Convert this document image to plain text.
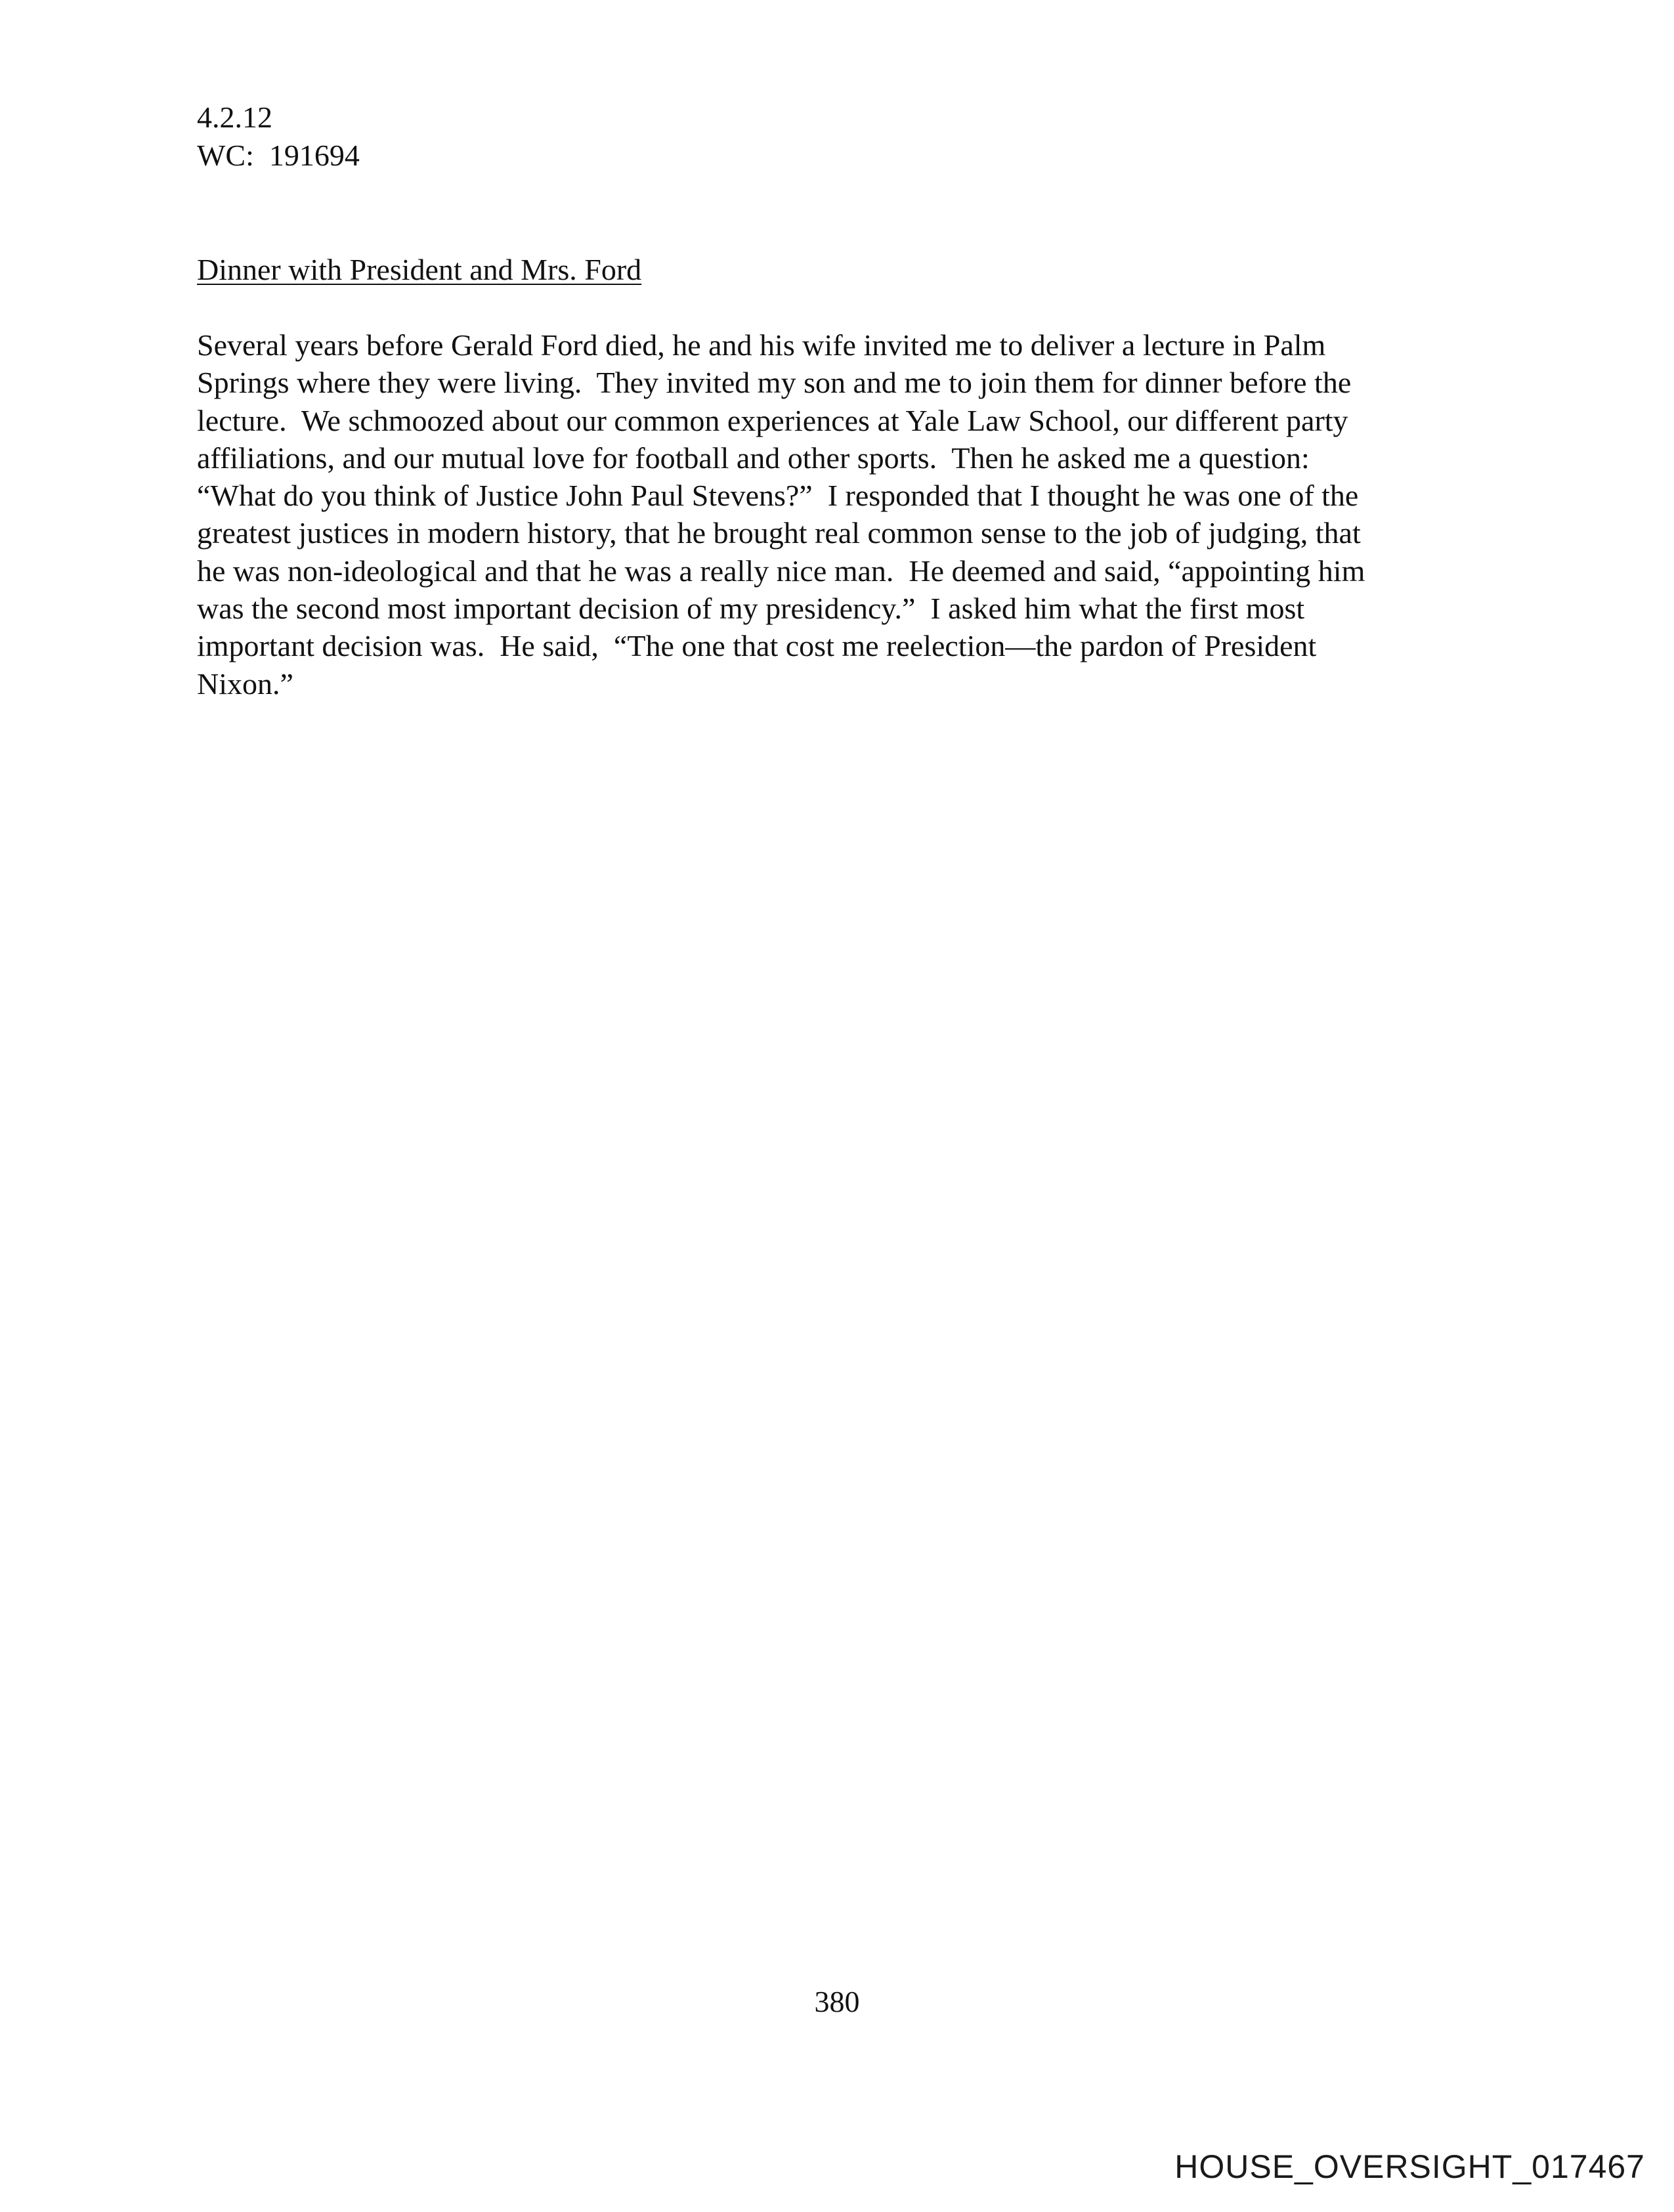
4.2.12
WC:  191694
Dinner with President and Mrs. Ford
Several years before Gerald Ford died, he and his wife invited me to deliver a lecture in Palm
Springs where they were living.  They invited my son and me to join them for dinner before the
lecture.  We schmoozed about our common experiences at Yale Law School, our different party
affiliations, and our mutual love for football and other sports.  Then he asked me a question:
“What do you think of Justice John Paul Stevens?”  I responded that I thought he was one of the
greatest justices in modern history, that he brought real common sense to the job of judging, that
he was non-ideological and that he was a really nice man.  He deemed and said, “appointing him
was the second most important decision of my presidency.”  I asked him what the first most
important decision was.  He said,  “The one that cost me reelection—the pardon of President
Nixon.”
380
HOUSE_OVERSIGHT_017467
